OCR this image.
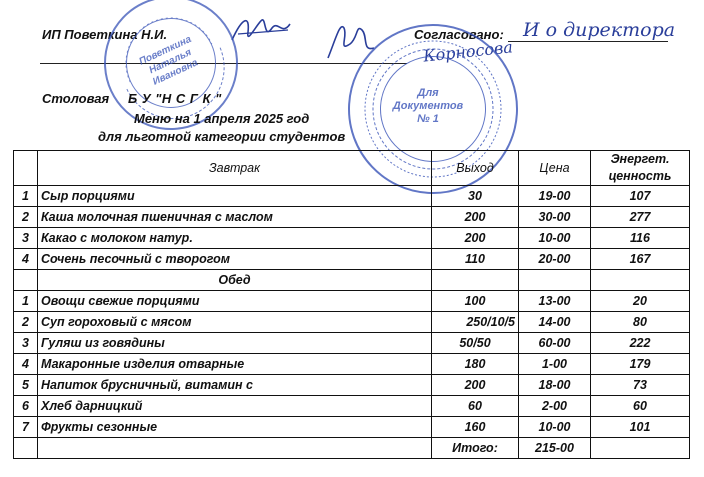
ИП Поветкина Н.И.	Согласовано: И о директора
Корносова
Поветкина Наталья Ивановна
Для
Документов
№ 1
Столовая Б У "Н С Г К "
Меню на 1 апреля 2025 год
для льготной категории студентов
	Завтрак	Выход	Цена	Энергет.
ценность

1	Сыр порциями	30	19-00	107
2	Каша молочная пшеничная с маслом	200	30-00	277
3	Какао с молоком натур.	200	10-00	116
4	Сочень песочный с творогом	110	20-00	167
	Обед			
1	Овощи свежие порциями	100	13-00	20
2	Суп гороховый с мясом	250/10/5	14-00	80
3	Гуляш из говядины	50/50	60-00	222
4	Макаронные изделия отварные	180	1-00	179
5	Напиток брусничный, витамин с	200	18-00	73
6	Хлеб дарницкий	60	2-00	60
7	Фрукты сезонные	160	10-00	101
		Итого:	215-00	
